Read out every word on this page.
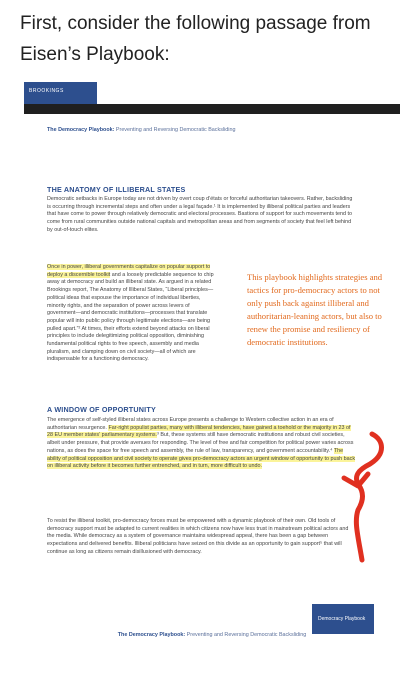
First, consider the following passage from
Eisen’s Playbook:
BROOKINGS
The Democracy Playbook: Preventing and Reversing Democratic Backsliding
THE ANATOMY OF ILLIBERAL STATES
Democratic setbacks in Europe today are not driven by overt coup d’états or forceful authoritarian takeovers. Rather, backsliding is occurring through incremental steps and often under a legal façade.¹ It is implemented by illiberal political parties and leaders that have come to power through relatively democratic and electoral processes. Bastions of support for such movements tend to come from rural communities outside national capitals and metropolitan areas and from segments of society that feel left behind by out-of-touch elites.
Once in power, illiberal governments capitalize on popular support to deploy a discernible toolkit and a loosely predictable sequence to chip away at democracy and build an illiberal state. As argued in a related Brookings report, The Anatomy of Illiberal States, “Liberal principles—political ideas that espouse the importance of individual liberties, minority rights, and the separation of power across levers of government—and democratic institutions—processes that translate popular will into public policy through legitimate elections—are being pulled apart.”² At times, their efforts extend beyond attacks on liberal principles to include delegitimizing political opposition, diminishing fundamental political rights to free speech, assembly and media pluralism, and clamping down on civil society—all of which are indispensable for a functioning democracy.
This playbook highlights strategies and tactics for pro-democracy actors to not only push back against illiberal and authoritarian-leaning actors, but also to renew the promise and resiliency of democratic institutions.
A WINDOW OF OPPORTUNITY
The emergence of self-styled illiberal states across Europe presents a challenge to Western collective action in an era of authoritarian resurgence. Far-right populist parties, many with illiberal tendencies, have gained a toehold or the majority in 23 of 28 EU member states’ parliamentary systems.³ But, these systems still have democratic institutions and robust civil societies, albeit under pressure, that provide avenues for responding. The level of free and fair competition for political power varies across nations, as does the space for free speech and assembly, the rule of law, transparency, and government accountability.⁴ The ability of political opposition and civil society to operate gives pro-democracy actors an urgent window of opportunity to push back on illiberal activity before it becomes further entrenched, and in turn, more difficult to undo.
To resist the illiberal toolkit, pro-democracy forces must be empowered with a dynamic playbook of their own. Old tools of democracy support must be adapted to current realities in which citizens now have less trust in mainstream political actors and the media. While democracy as a system of governance maintains widespread appeal, there has been a gap between expectations and delivered benefits. Illiberal politicians have seized on this divide as an opportunity to gain support⁵ that will continue as long as citizens remain disillusioned with democracy.
Democracy Playbook
The Democracy Playbook: Preventing and Reversing Democratic Backsliding
